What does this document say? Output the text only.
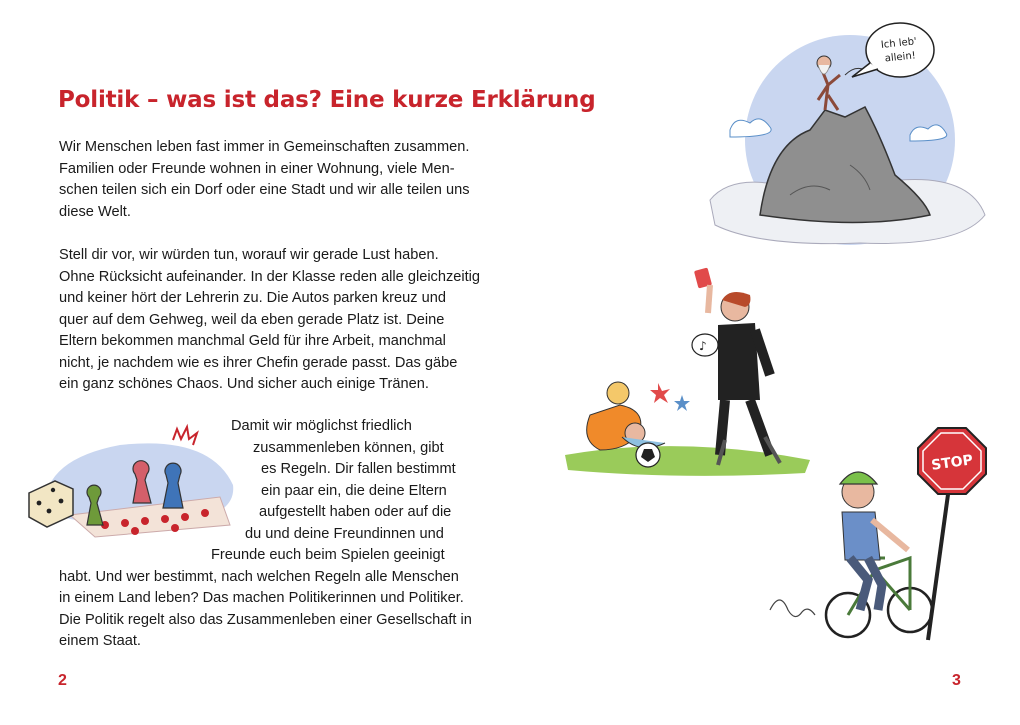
Politik – was ist das? Eine kurze Erklärung

Wir Menschen leben fast immer in Gemeinschaften zusammen.
Familien oder Freunde wohnen in einer Wohnung, viele Men-
schen teilen sich ein Dorf oder eine Stadt und wir alle teilen uns
diese Welt.

Stell dir vor, wir würden tun, worauf wir gerade Lust haben.
Ohne Rücksicht aufeinander. In der Klasse reden alle gleichzeitig
und keiner hört der Lehrerin zu. Die Autos parken kreuz und
quer auf dem Gehweg, weil da eben gerade Platz ist. Deine
Eltern bekommen manchmal Geld für ihre Arbeit, manchmal
nicht, je nachdem wie es ihrer Chefin gerade passt. Das gäbe
ein ganz schönes Chaos. Und sicher auch einige Tränen.

Damit wir möglichst friedlich
zusammenleben können, gibt
es Regeln. Dir fallen bestimmt
ein paar ein, die deine Eltern
aufgestellt haben oder auf die
du und deine Freundinnen und
Freunde euch beim Spielen geeinigt
habt. Und wer bestimmt, nach welchen Regeln alle Menschen
in einem Land leben? Das machen Politikerinnen und Politiker.
Die Politik regelt also das Zusammenleben einer Gesellschaft in
einem Staat.

2	3
Ich leb'
allein!
♪
STOP
